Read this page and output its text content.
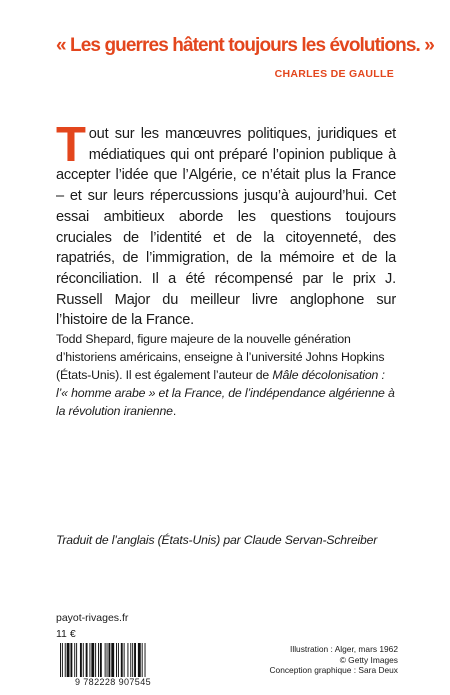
« Les guerres hâtent toujours les évolutions. »
CHARLES DE GAULLE

Tout sur les manœuvres politiques, juridiques et médiatiques qui ont préparé l’opinion publique à accepter l’idée que l’Algérie, ce n’était plus la France – et sur leurs répercussions jusqu’à aujourd’hui. Cet essai ambitieux aborde les questions toujours cruciales de l’identité et de la citoyenneté, des rapatriés, de l’immigration, de la mémoire et de la réconciliation. Il a été récompensé par le prix J. Russell Major du meilleur livre anglophone sur l’histoire de la France.

Todd Shepard, figure majeure de la nouvelle génération d’historiens américains, enseigne à l’université Johns Hopkins (États-Unis). Il est également l’auteur de Mâle décolonisation : l’« homme arabe » et la France, de l’indépendance algérienne à la révolution iranienne.

Traduit de l’anglais (États-Unis) par Claude Servan-Schreiber
payot-rivages.fr
11 €
9 782228 907545
Illustration : Alger, mars 1962
© Getty Images
Conception graphique : Sara Deux
